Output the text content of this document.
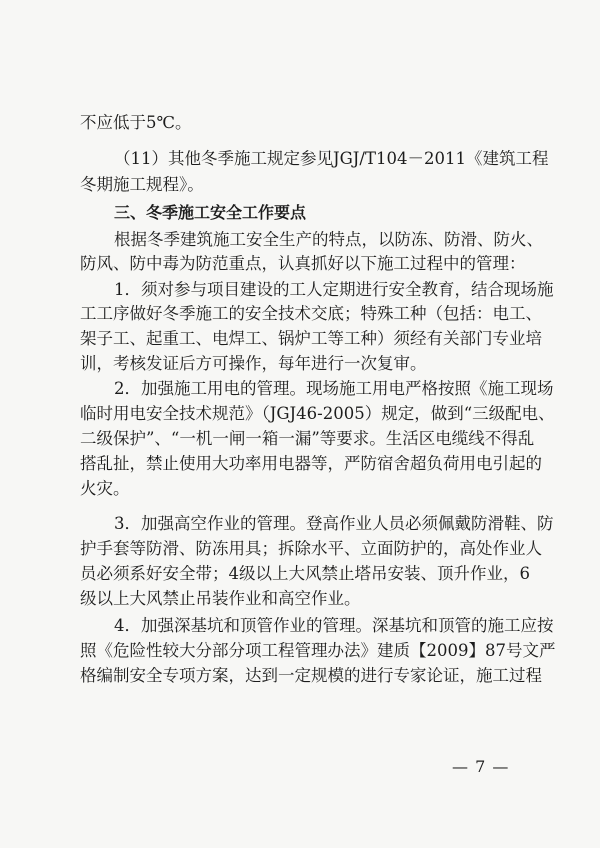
不应低于5℃。

（11）其他冬季施工规定参见JGJ/T104－2011《建筑工程

冬期施工规程》。

三、冬季施工安全工作要点

根据冬季建筑施工安全生产的特点，以防冻、防滑、防火、

防风、防中毒为防范重点，认真抓好以下施工过程中的管理：

1．须对参与项目建设的工人定期进行安全教育，结合现场施

工工序做好冬季施工的安全技术交底；特殊工种（包括：电工、

架子工、起重工、电焊工、锅炉工等工种）须经有关部门专业培

训，考核发证后方可操作，每年进行一次复审。

2．加强施工用电的管理。现场施工用电严格按照《施工现场

临时用电安全技术规范》（JGJ46-2005）规定，做到“三级配电、

二级保护”、“一机一闸一箱一漏”等要求。生活区电缆线不得乱

搭乱扯，禁止使用大功率用电器等，严防宿舍超负荷用电引起的

火灾。

3．加强高空作业的管理。登高作业人员必须佩戴防滑鞋、防

护手套等防滑、防冻用具；拆除水平、立面防护的，高处作业人

员必须系好安全带；4级以上大风禁止塔吊安装、顶升作业，6

级以上大风禁止吊装作业和高空作业。

4．加强深基坑和顶管作业的管理。深基坑和顶管的施工应按

照《危险性较大分部分项工程管理办法》建质【2009】87号文严

格编制安全专项方案，达到一定规模的进行专家论证，施工过程

— 7 —
